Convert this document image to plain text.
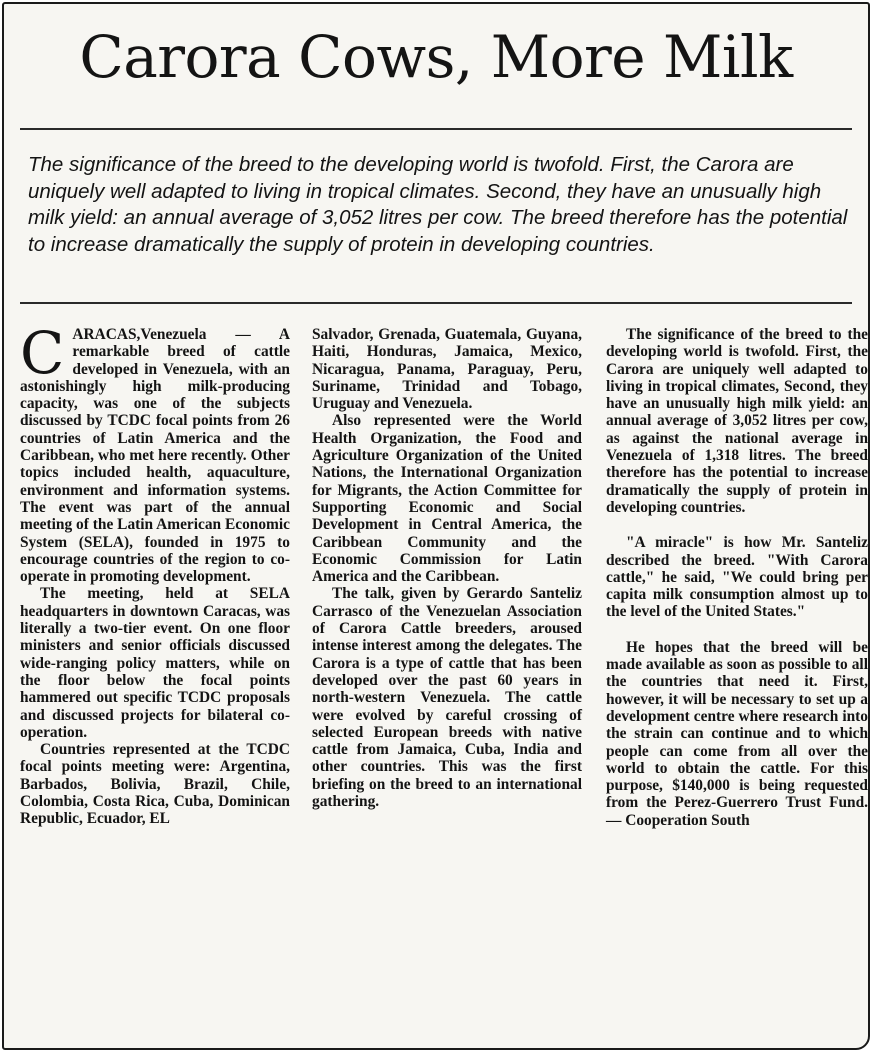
Carora Cows, More Milk

The significance of the breed to the developing world is twofold. First, the Carora are uniquely well adapted to living in tropical climates. Second, they have an unusually high milk yield: an annual average of 3,052 litres per cow. The breed therefore has the potential to increase dramatically the supply of protein in developing countries.

C ARACAS,Venezuela — A remarkable breed of cattle developed in Venezuela, with an astonishingly high milk-producing capacity, was one of the subjects discussed by TCDC focal points from 26 countries of Latin America and the Caribbean, who met here recently. Other topics included health, aquaculture, environment and information systems. The event was part of the annual meeting of the Latin American Economic System (SELA), founded in 1975 to encourage countries of the region to co-operate in promoting development.

The meeting, held at SELA headquarters in downtown Caracas, was literally a two-tier event. On one floor ministers and senior officials discussed wide-ranging policy matters, while on the floor below the focal points hammered out specific TCDC proposals and discussed projects for bilateral co-operation.

Countries represented at the TCDC focal points meeting were: Argentina, Barbados, Bolivia, Brazil, Chile, Colombia, Costa Rica, Cuba, Dominican Republic, Ecuador, EL

Salvador, Grenada, Guatemala, Guyana, Haiti, Honduras, Jamaica, Mexico, Nicaragua, Panama, Paraguay, Peru, Suriname, Trinidad and Tobago, Uruguay and Venezuela.

Also represented were the World Health Organization, the Food and Agriculture Organization of the United Nations, the International Organization for Migrants, the Action Committee for Supporting Economic and Social Development in Central America, the Caribbean Community and the Economic Commission for Latin America and the Caribbean.

The talk, given by Gerardo Santeliz Carrasco of the Venezuelan Association of Carora Cattle breeders, aroused intense interest among the delegates. The Carora is a type of cattle that has been developed over the past 60 years in north-western Venezuela. The cattle were evolved by careful crossing of selected European breeds with native cattle from Jamaica, Cuba, India and other countries. This was the first briefing on the breed to an international gathering.

The significance of the breed to the developing world is twofold. First, the Carora are uniquely well adapted to living in tropical climates, Second, they have an unusually high milk yield: an annual average of 3,052 litres per cow, as against the national average in Venezuela of 1,318 litres. The breed therefore has the potential to increase dramatically the supply of protein in developing countries.

"A miracle" is how Mr. Santeliz described the breed. "With Carora cattle," he said, "We could bring per capita milk consumption almost up to the level of the United States."

He hopes that the breed will be made available as soon as possible to all the countries that need it. First, however, it will be necessary to set up a development centre where research into the strain can continue and to which people can come from all over the world to obtain the cattle. For this purpose, $140,000 is being requested from the Perez-Guerrero Trust Fund. — Cooperation South
